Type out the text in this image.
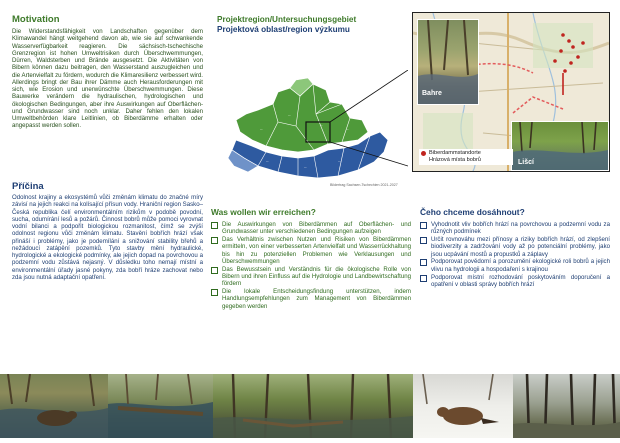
Motivation
Die Widerstandsfähigkeit von Landschaften gegenüber dem Klimawandel hängt weitgehend davon ab, wie sie auf schwankende Wasserverfügbarkeit reagieren. Die sächsisch-tschechische Grenzregion ist hohen Umweltrisiken durch Überschwemmungen, Dürren, Waldsterben und Brände ausgesetzt. Die Aktivitäten von Bibern können dazu beitragen, den Wasserstand auszugleichen und die Artenvielfalt zu fördern, wodurch die Klimaresilienz verbessert wird. Allerdings bringt der Bau ihrer Dämme auch Herausforderungen mit sich, wie Erosion und unerwünschte Überschwemmungen. Diese Bauwerke verändern die hydraulischen, hydrologischen und ökologischen Bedingungen, aber ihre Auswirkungen auf Oberflächen- und Grundwasser sind noch unklar. Daher fehlen den lokalen Umweltbehörden klare Leitlinien, ob Biberdämme erhalten oder angepasst werden sollen.
Příčina
Odolnost krajiny a ekosystémů vůči změnám klimatu do značné míry závisí na jejich reakci na kolísající přísun vody. Hraniční region Sasko–Česká republika čelí environmentálním rizikům v podobě povodní, sucha, odumírání lesů a požárů. Činnost bobrů může pomoci vyrovnat vodní bilanci a podpořit biologickou rozmanitost, čímž se zvýší odolnost regionu vůči změnám klimatu. Stavění bobřích hrází však přináší i problémy, jako je podemílání a snižování stability břehů a nežádoucí zatápění pozemků. Tyto stavby mění hydraulické, hydrologické a ekologické podmínky, ale jejich dopad na povrchovou a podzemní vodu zůstává nejasný. V důsledku toho nemají místní a environmentální úřady jasné pokyny, zda bobří hráze zachovat nebo zda jsou nutná adaptační opatření.
Projektregion/Untersuchungsgebiet
Projektová oblast/region výzkumu
—
—
—
—
—
—
—
Bildertrag Sachsen-Tschechien 2021-2027
Bahre
Lišcí
Biberdammstandorte
Hrázová místa bobrů
Was wollen wir erreichen?
Die Auswirkungen von Biberdämmen auf Oberflächen- und Grundwasser unter verschiedenen Bedingungen aufzeigen
Das Verhältnis zwischen Nutzen und Risiken von Biberdämmen ermitteln, von einer verbesserten Artenvielfalt und Wasserrückhaltung bis hin zu potenziellen Problemen wie Verklausungen und Überschwemmungen
Das Bewusstsein und Verständnis für die ökologische Rolle von Bibern und ihren Einfluss auf die Hydrologie und Landbewirtschaftung fördern
Die lokale Entscheidungsfindung unterstützen, indem Handlungsempfehlungen zum Management von Biberdämmen gegeben werden
Čeho chceme dosáhnout?
Vyhodnotit vliv bobřích hrází na povrchovou a podzemní vodu za různých podmínek
Určit rovnováhu mezi přínosy a riziky bobřích hrází, od zlepšení biodiverzity a zadržování vody až po potenciální problémy, jako jsou ucpávání mostů a propustků a záplavy
Podporovat povědomí a porozumění ekologické roli bobrů a jejich vlivu na hydrologii a hospodaření s krajinou
Podporovat místní rozhodování poskytováním doporučení a opatření v oblasti správy bobřích hrází
